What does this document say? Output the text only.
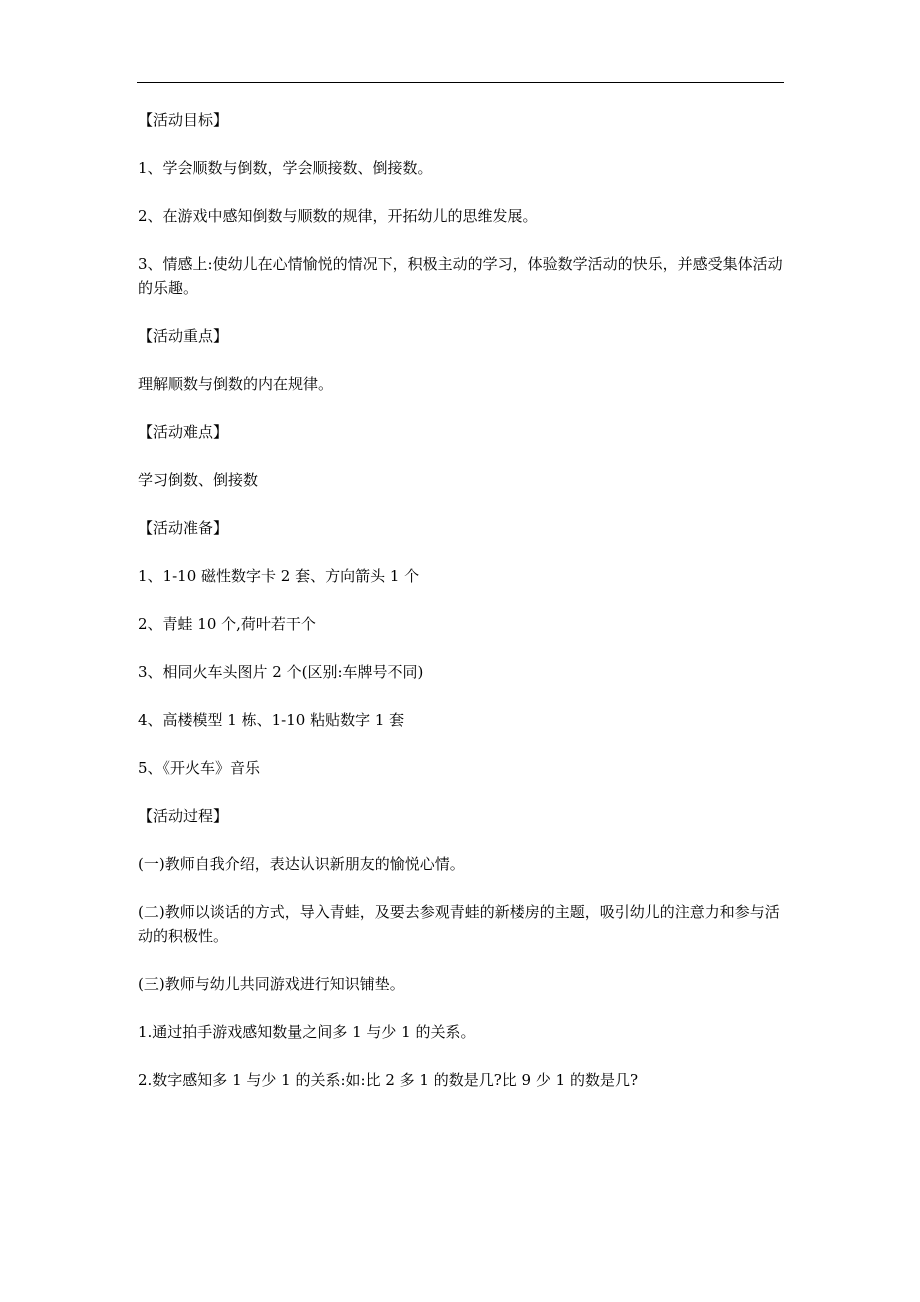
【活动目标】

1、学会顺数与倒数，学会顺接数、倒接数。

2、在游戏中感知倒数与顺数的规律，开拓幼儿的思维发展。

3、情感上:使幼儿在心情愉悦的情况下，积极主动的学习，体验数学活动的快乐，并感受集体活动的乐趣。

【活动重点】

理解顺数与倒数的内在规律。

【活动难点】

学习倒数、倒接数

【活动准备】

1、1-10 磁性数字卡 2 套、方向箭头 1 个

2、青蛙 10 个,荷叶若干个

3、相同火车头图片 2 个(区别:车牌号不同)

4、高楼模型 1 栋、1-10 粘贴数字 1 套

5、《开火车》音乐

【活动过程】

(一)教师自我介绍，表达认识新朋友的愉悦心情。

(二)教师以谈话的方式，导入青蛙，及要去参观青蛙的新楼房的主题，吸引幼儿的注意力和参与活动的积极性。

(三)教师与幼儿共同游戏进行知识铺垫。

1.通过拍手游戏感知数量之间多 1 与少 1 的关系。

2.数字感知多 1 与少 1 的关系:如:比 2 多 1 的数是几?比 9 少 1 的数是几?
